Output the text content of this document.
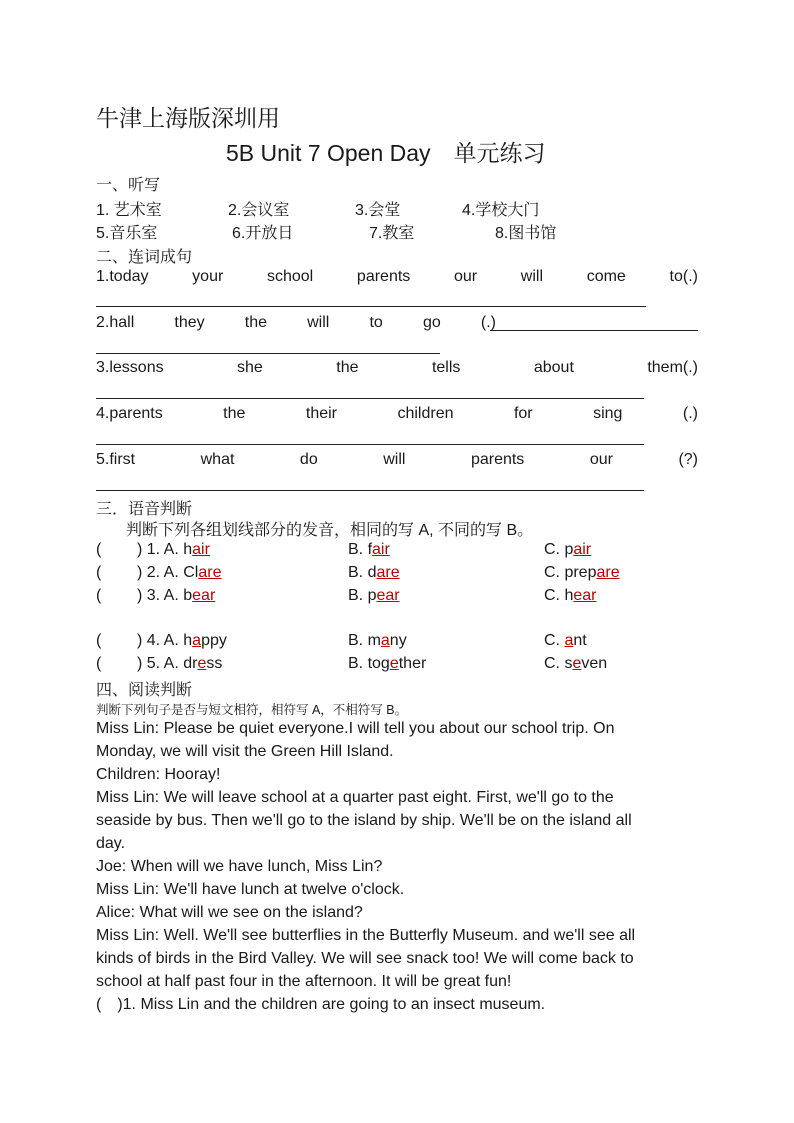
牛津上海版深圳用
5B Unit 7 Open Day　单元练习
一、听写
1. 艺术室	2.会议室	3.会堂	4.学校大门
5.音乐室	6.开放日	7.教室	8.图书馆
二、连词成句
1.today	your	school	parents	our	will	come	to(.)
2.hall	they	the	will	to	go	(.)
3.lessons	she	the	tells	about	them(.)
4.parents	the	their	children	for	sing	(.)
5.first	what	do	will	parents	our	(?)
三．语音判断
判断下列各组划线部分的发音，相同的写 A, 不同的写 B。
( ) 1. A. hair	B. fair	C. pair
( ) 2. A. Clare	B. dare	C. prepare
( ) 3. A. bear	B. pear	C. hear
( ) 4. A. happy	B. many	C. ant
( ) 5. A. dress	B. together	C. seven
四、阅读判断
判断下列句子是否与短文相符，相符写 A，不相符写 B。
Miss Lin: Please be quiet everyone.I will tell you about our school trip. On
Monday, we will visit the Green Hill Island.
Children: Hooray!
Miss Lin: We will leave school at a quarter past eight. First, we'll go to the
seaside by bus. Then we'll go to the island by ship. We'll be on the island all
day.
Joe: When will we have lunch, Miss Lin?
Miss Lin: We'll have lunch at twelve o'clock.
Alice: What will we see on the island?
Miss Lin: Well. We'll see butterflies in the Butterfly Museum. and we'll see all
kinds of birds in the Bird Valley. We will see snack too! We will come back to
school at half past four in the afternoon. It will be great fun!
(　)1. Miss Lin and the children are going to an insect museum.
